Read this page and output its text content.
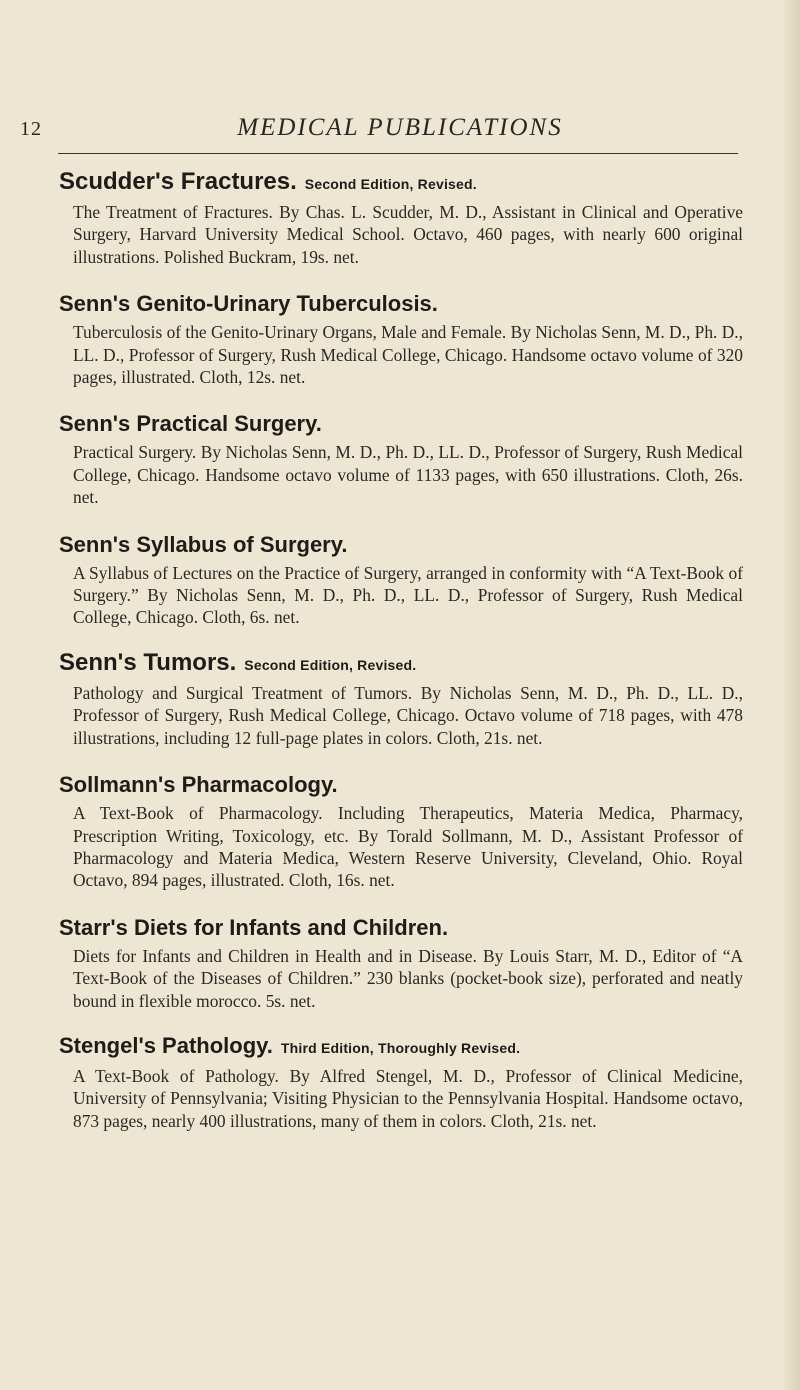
12	MEDICAL PUBLICATIONS
Scudder's Fractures. Second Edition, Revised.
The Treatment of Fractures. By Chas. L. Scudder, M. D., Assistant in Clinical and Operative Surgery, Harvard University Medical School. Octavo, 460 pages, with nearly 600 original illustrations. Polished Buckram, 19s. net.
Senn's Genito-Urinary Tuberculosis.
Tuberculosis of the Genito-Urinary Organs, Male and Female. By Nicholas Senn, M. D., Ph. D., LL. D., Professor of Surgery, Rush Medical College, Chicago. Handsome octavo volume of 320 pages, illustrated. Cloth, 12s. net.
Senn's Practical Surgery.
Practical Surgery. By Nicholas Senn, M. D., Ph. D., LL. D., Professor of Surgery, Rush Medical College, Chicago. Handsome octavo volume of 1133 pages, with 650 illustrations. Cloth, 26s. net.
Senn's Syllabus of Surgery.
A Syllabus of Lectures on the Practice of Surgery, arranged in conformity with “A Text-Book of Surgery.” By Nicholas Senn, M. D., Ph. D., LL. D., Professor of Surgery, Rush Medical College, Chicago. Cloth, 6s. net.
Senn's Tumors. Second Edition, Revised.
Pathology and Surgical Treatment of Tumors. By Nicholas Senn, M. D., Ph. D., LL. D., Professor of Surgery, Rush Medical College, Chicago. Octavo volume of 718 pages, with 478 illustrations, including 12 full-page plates in colors. Cloth, 21s. net.
Sollmann's Pharmacology.
A Text-Book of Pharmacology. Including Therapeutics, Materia Medica, Pharmacy, Prescription Writing, Toxicology, etc. By Torald Sollmann, M. D., Assistant Professor of Pharmacology and Materia Medica, Western Reserve University, Cleveland, Ohio. Royal Octavo, 894 pages, illustrated. Cloth, 16s. net.
Starr's Diets for Infants and Children.
Diets for Infants and Children in Health and in Disease. By Louis Starr, M. D., Editor of “A Text-Book of the Diseases of Children.” 230 blanks (pocket-book size), perforated and neatly bound in flexible morocco. 5s. net.
Stengel's Pathology. Third Edition, Thoroughly Revised.
A Text-Book of Pathology. By Alfred Stengel, M. D., Professor of Clinical Medicine, University of Pennsylvania; Visiting Physician to the Pennsylvania Hospital. Handsome octavo, 873 pages, nearly 400 illustrations, many of them in colors. Cloth, 21s. net.
